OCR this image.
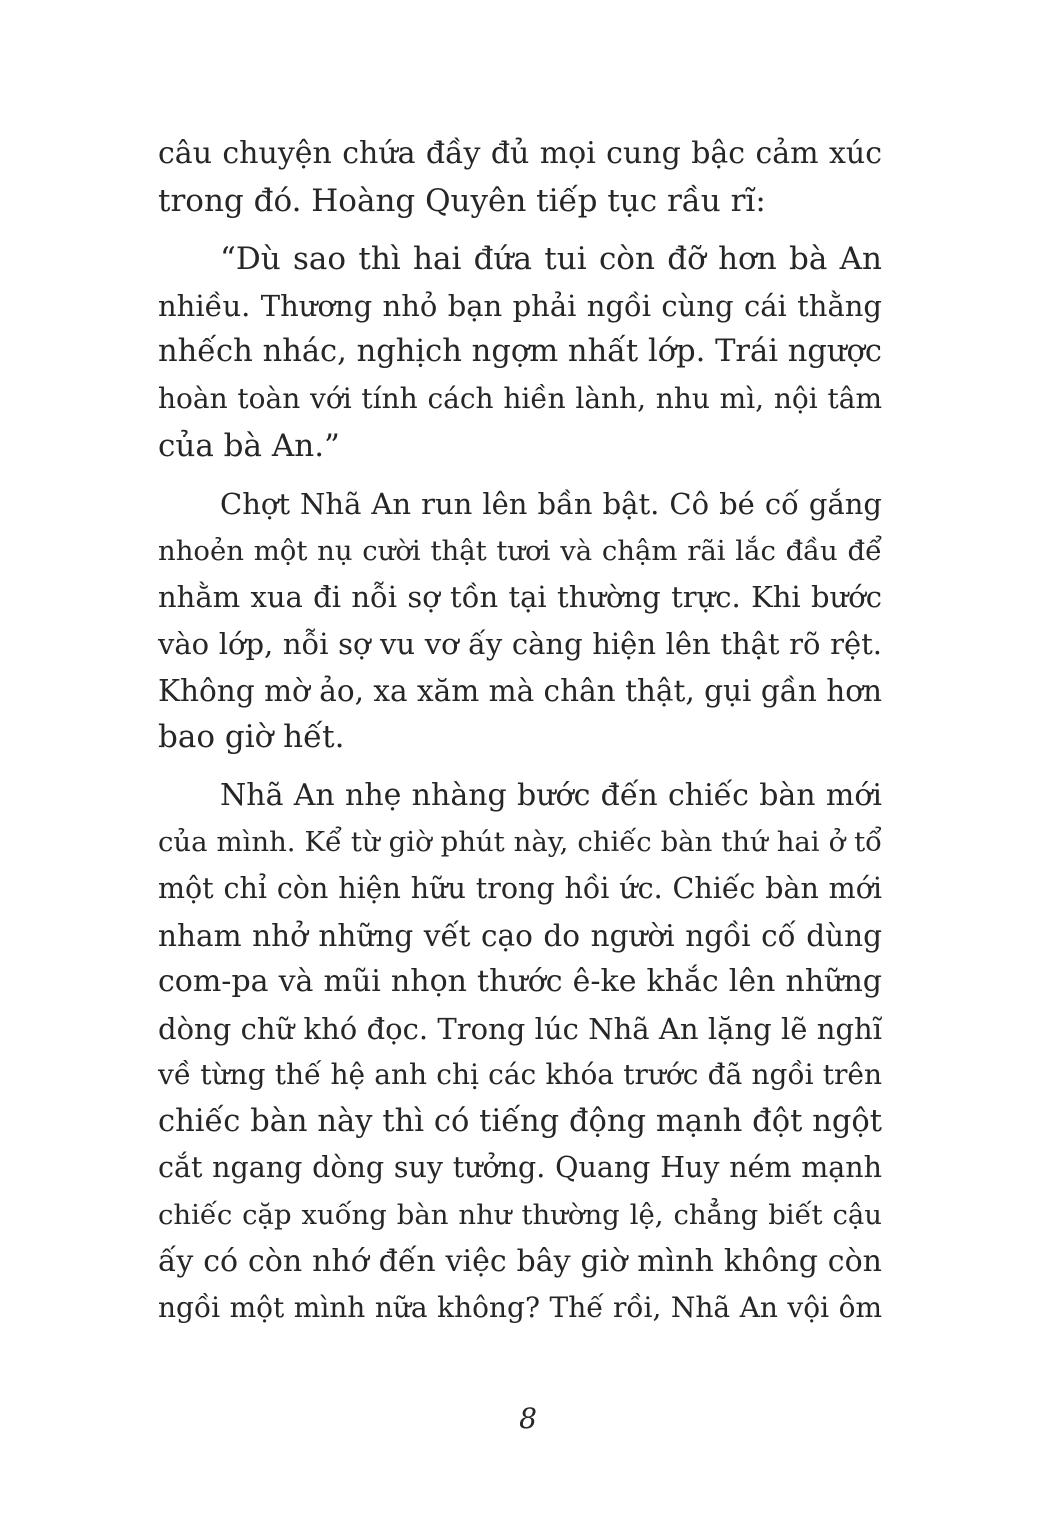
câu chuyện chứa đầy đủ mọi cung bậc cảm xúc
trong đó. Hoàng Quyên tiếp tục rầu rĩ:
“Dù sao thì hai đứa tui còn đỡ hơn bà An
nhiều. Thương nhỏ bạn phải ngồi cùng cái thằng
nhếch nhác, nghịch ngợm nhất lớp. Trái ngược
hoàn toàn với tính cách hiền lành, nhu mì, nội tâm
của bà An.”
Chợt Nhã An run lên bần bật. Cô bé cố gắng
nhoẻn một nụ cười thật tươi và chậm rãi lắc đầu để
nhằm xua đi nỗi sợ tồn tại thường trực. Khi bước
vào lớp, nỗi sợ vu vơ ấy càng hiện lên thật rõ rệt.
Không mờ ảo, xa xăm mà chân thật, gụi gần hơn
bao giờ hết.
Nhã An nhẹ nhàng bước đến chiếc bàn mới
của mình. Kể từ giờ phút này, chiếc bàn thứ hai ở tổ
một chỉ còn hiện hữu trong hồi ức. Chiếc bàn mới
nham nhở những vết cạo do người ngồi cố dùng
com-pa và mũi nhọn thước ê-ke khắc lên những
dòng chữ khó đọc. Trong lúc Nhã An lặng lẽ nghĩ
về từng thế hệ anh chị các khóa trước đã ngồi trên
chiếc bàn này thì có tiếng động mạnh đột ngột
cắt ngang dòng suy tưởng. Quang Huy ném mạnh
chiếc cặp xuống bàn như thường lệ, chẳng biết cậu
ấy có còn nhớ đến việc bây giờ mình không còn
ngồi một mình nữa không? Thế rồi, Nhã An vội ôm
8
